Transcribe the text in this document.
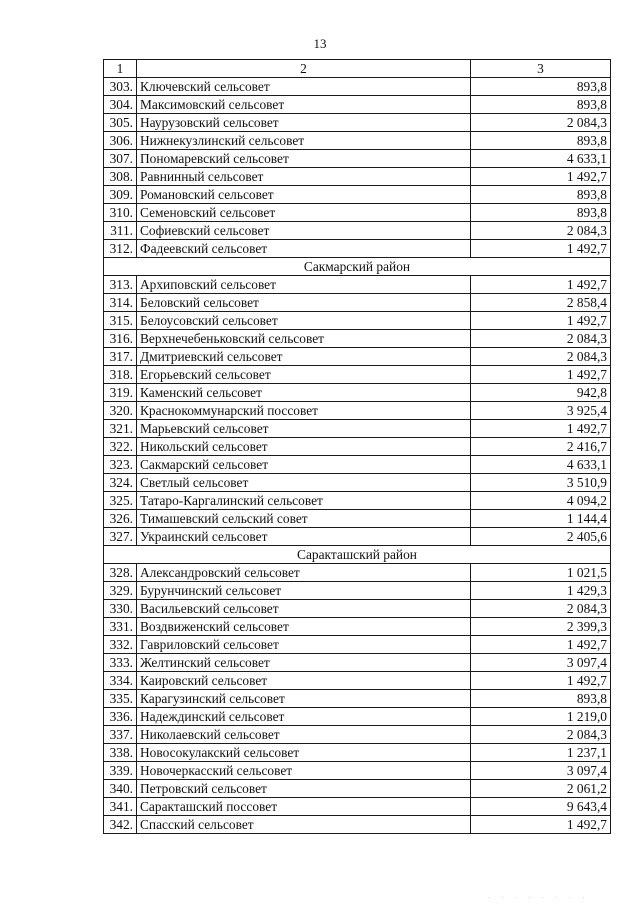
13
1	2	3
303.	Ключевский сельсовет	893,8
304.	Максимовский сельсовет	893,8
305.	Наурузовский сельсовет	2 084,3
306.	Нижнекузлинский сельсовет	893,8
307.	Пономаревский сельсовет	4 633,1
308.	Равнинный сельсовет	1 492,7
309.	Романовский сельсовет	893,8
310.	Семеновский сельсовет	893,8
311.	Софиевский сельсовет	2 084,3
312.	Фадеевский сельсовет	1 492,7
Сакмарский район		
313.	Архиповский сельсовет	1 492,7
314.	Беловский сельсовет	2 858,4
315.	Белоусовский сельсовет	1 492,7
316.	Верхнечебеньковский сельсовет	2 084,3
317.	Дмитриевский сельсовет	2 084,3
318.	Егорьевский сельсовет	1 492,7
319.	Каменский сельсовет	942,8
320.	Краснокоммунарский поссовет	3 925,4
321.	Марьевский сельсовет	1 492,7
322.	Никольский сельсовет	2 416,7
323.	Сакмарский сельсовет	4 633,1
324.	Светлый сельсовет	3 510,9
325.	Татаро-Каргалинский сельсовет	4 094,2
326.	Тимашевский сельский совет	1 144,4
327.	Украинский сельсовет	2 405,6
Саракташский район		
328.	Александровский сельсовет	1 021,5
329.	Бурунчинский сельсовет	1 429,3
330.	Васильевский сельсовет	2 084,3
331.	Воздвиженский сельсовет	2 399,3
332.	Гавриловский сельсовет	1 492,7
333.	Желтинский сельсовет	3 097,4
334.	Каировский сельсовет	1 492,7
335.	Карагузинский сельсовет	893,8
336.	Надеждинский сельсовет	1 219,0
337.	Николаевский сельсовет	2 084,3
338.	Новосокулакский сельсовет	1 237,1
339.	Новочеркасский сельсовет	3 097,4
340.	Петровский сельсовет	2 061,2
341.	Саракташский поссовет	9 643,4
342.	Спасский сельсовет	1 492,7
. . . . . . . .
